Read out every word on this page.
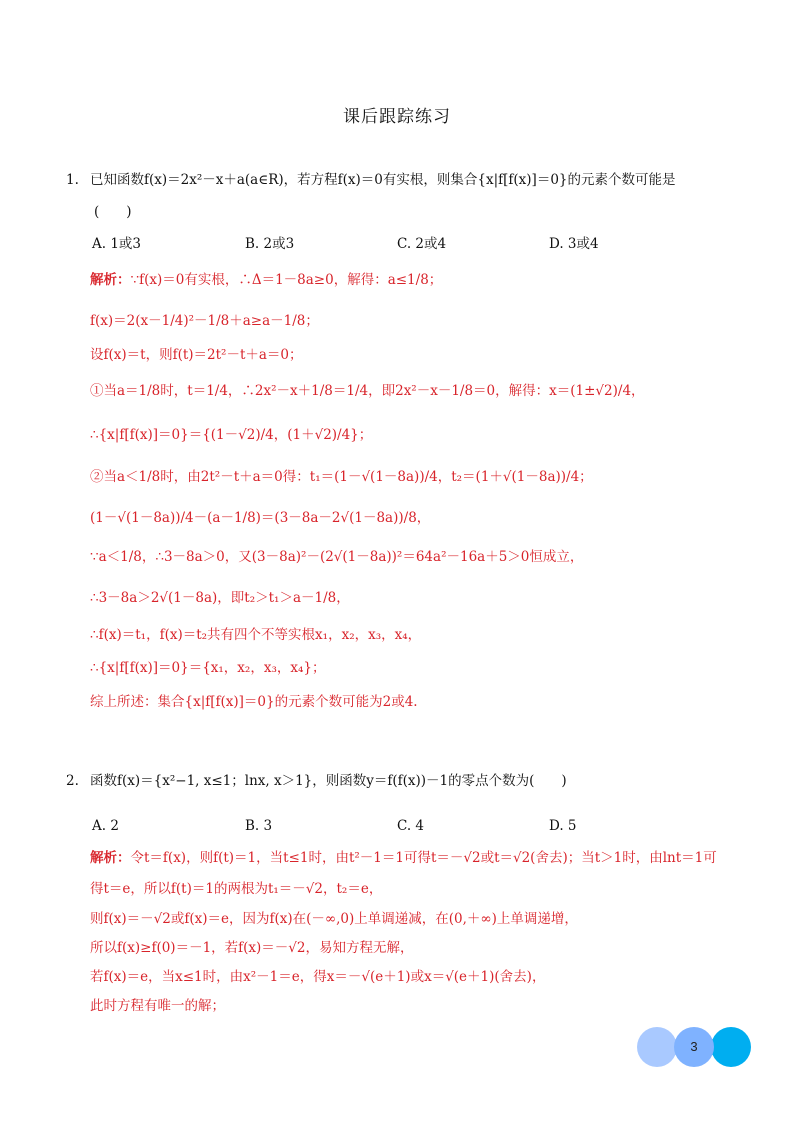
课后跟踪练习
1. 已知函数f(x)＝2x²－x＋a(a∈R)，若方程f(x)＝0有实根，则集合{x|f[f(x)]＝0}的元素个数可能是
(　　)
A. 1或3	B. 2或3	C. 2或4	D. 3或4
解析：∵f(x)＝0有实根，∴Δ＝1－8a≥0，解得：a≤1/8；
f(x)＝2(x－1/4)²－1/8＋a≥a－1/8；
设f(x)＝t，则f(t)＝2t²－t＋a＝0；
①当a＝1/8时，t＝1/4，∴2x²－x＋1/8＝1/4，即2x²－x－1/8＝0，解得：x＝(1±√2)/4，
∴{x|f[f(x)]＝0}＝{(1－√2)/4，(1＋√2)/4}；
②当a＜1/8时，由2t²－t＋a＝0得：t₁＝(1－√(1－8a))/4，t₂＝(1＋√(1－8a))/4；
(1－√(1－8a))/4－(a－1/8)＝(3－8a－2√(1－8a))/8，
∵a＜1/8，∴3－8a＞0，又(3－8a)²－(2√(1－8a))²＝64a²－16a＋5＞0恒成立，
∴3－8a＞2√(1－8a)，即t₂＞t₁＞a－1/8，
∴f(x)＝t₁，f(x)＝t₂共有四个不等实根x₁，x₂，x₃，x₄，
∴{x|f[f(x)]＝0}＝{x₁，x₂，x₃，x₄}；
综上所述：集合{x|f[f(x)]＝0}的元素个数可能为2或4.
2. 函数f(x)＝{x²−1, x≤1；lnx, x＞1}，则函数y＝f(f(x))－1的零点个数为(　　)
A. 2	B. 3	C. 4	D. 5
解析：令t＝f(x)，则f(t)＝1，当t≤1时，由t²－1＝1可得t＝－√2或t＝√2(舍去)；当t＞1时，由lnt＝1可
得t＝e，所以f(t)＝1的两根为t₁＝－√2，t₂＝e，
则f(x)＝－√2或f(x)＝e，因为f(x)在(－∞,0)上单调递减，在(0,＋∞)上单调递增，
所以f(x)≥f(0)＝－1，若f(x)＝－√2，易知方程无解，
若f(x)＝e，当x≤1时，由x²－1＝e，得x＝－√(e＋1)或x＝√(e＋1)(舍去)，
此时方程有唯一的解；
3
